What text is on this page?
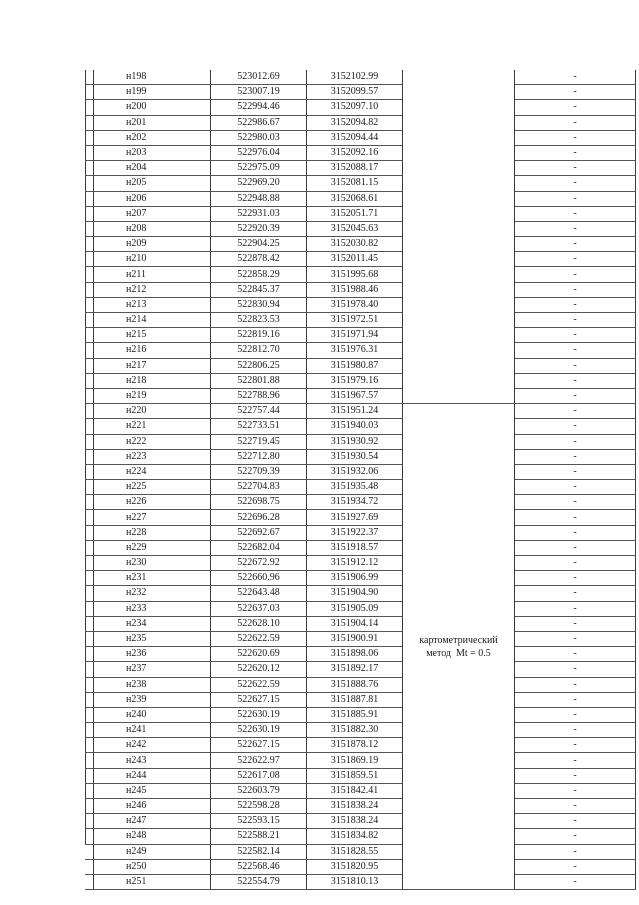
	н198	523012.69	3152102.99		-
	н199	523007.19	3152099.57		-
	н200	522994.46	3152097.10		-
	н201	522986.67	3152094.82		-
	н202	522980.03	3152094.44		-
	н203	522976.04	3152092.16		-
	н204	522975.09	3152088.17		-
	н205	522969.20	3152081.15		-
	н206	522948.88	3152068.61		-
	н207	522931.03	3152051.71		-
	н208	522920.39	3152045.63		-
	н209	522904.25	3152030.82		-
	н210	522878.42	3152011.45		-
	н211	522858.29	3151995.68		-
	н212	522845.37	3151988.46		-
	н213	522830.94	3151978.40		-
	н214	522823.53	3151972.51		-
	н215	522819.16	3151971.94		-
	н216	522812.70	3151976.31		-
	н217	522806.25	3151980.87		-
	н218	522801.88	3151979.16		-
	н219	522788.96	3151967.57		-
	н220	522757.44	3151951.24	картометрический
метод  Mt = 0.5	-
	н221	522733.51	3151940.03		-
	н222	522719.45	3151930.92		-
	н223	522712.80	3151930.54		-
	н224	522709.39	3151932.06		-
	н225	522704.83	3151935.48		-
	н226	522698.75	3151934.72		-
	н227	522696.28	3151927.69		-
	н228	522692.67	3151922.37		-
	н229	522682.04	3151918.57		-
	н230	522672.92	3151912.12		-
	н231	522660.96	3151906.99		-
	н232	522643.48	3151904.90		-
	н233	522637.03	3151905.09		-
	н234	522628.10	3151904.14		-
	н235	522622.59	3151900.91		-
	н236	522620.69	3151898.06		-
	н237	522620.12	3151892.17		-
	н238	522622.59	3151888.76		-
	н239	522627.15	3151887.81		-
	н240	522630.19	3151885.91		-
	н241	522630.19	3151882.30		-
	н242	522627.15	3151878.12		-
	н243	522622.97	3151869.19		-
	н244	522617.08	3151859.51		-
	н245	522603.79	3151842.41		-
	н246	522598.28	3151838.24		-
	н247	522593.15	3151838.24		-
	н248	522588.21	3151834.82		-
	н249	522582.14	3151828.55		-
	н250	522568.46	3151820.95		-
	н251	522554.79	3151810.13		-
